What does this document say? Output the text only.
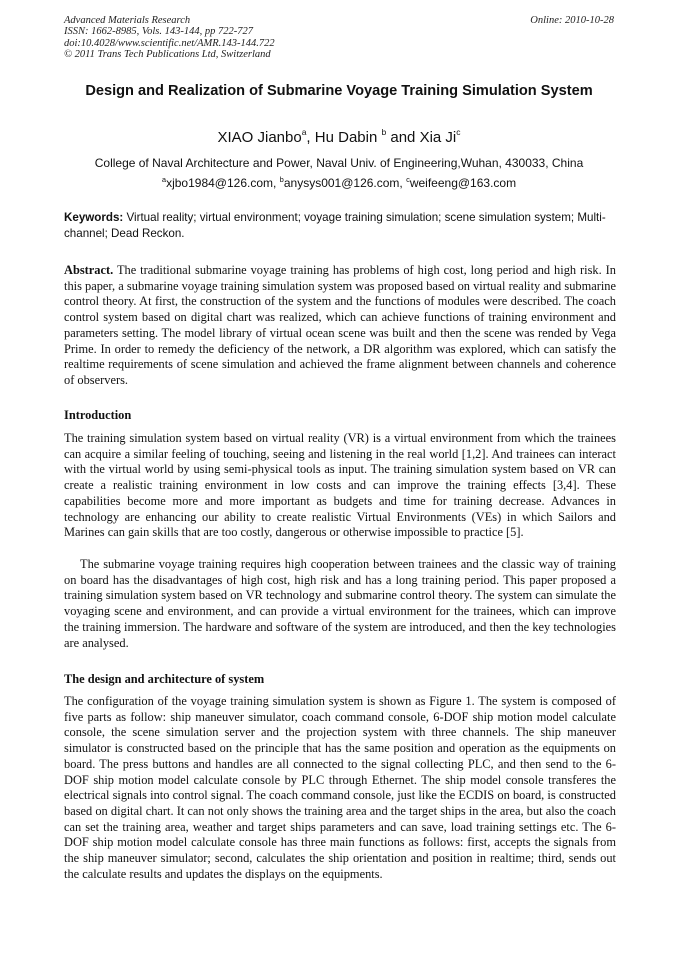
Advanced Materials Research
ISSN: 1662-8985, Vols. 143-144, pp 722-727
doi:10.4028/www.scientific.net/AMR.143-144.722
© 2011 Trans Tech Publications Ltd, Switzerland
Online: 2010-10-28
Design and Realization of Submarine Voyage Training Simulation System
XIAO Jianbo$^a$, Hu Dabin $^b$ and Xia Ji$^c$
College of Naval Architecture and Power, Naval Univ. of Engineering,Wuhan, 430033, China
$^a$xjbo1984@126.com, $^b$anysys001@126.com, $^c$weifeeng@163.com
Keywords: Virtual reality; virtual environment; voyage training simulation; scene simulation system; Multi-channel; Dead Reckon.
Abstract. The traditional submarine voyage training has problems of high cost, long period and high risk. In this paper, a submarine voyage training simulation system was proposed based on virtual reality and submarine control theory. At first, the construction of the system and the functions of modules were described. The coach control system based on digital chart was realized, which can achieve functions of training environment and parameters setting. The model library of virtual ocean scene was built and then the scene was rended by Vega Prime. In order to remedy the deficiency of the network, a DR algorithm was explored, which can satisfy the realtime requirements of scene simulation and achieved the frame alignment between channels and coherence of observers.
Introduction
The training simulation system based on virtual reality (VR) is a virtual environment from which the trainees can acquire a similar feeling of touching, seeing and listening in the real world [1,2]. And trainees can interact with the virtual world by using semi-physical tools as input. The training simulation system based on VR can create a realistic training environment in low costs and can improve the training effects [3,4]. These capabilities become more and more important as budgets and time for training decrease. Advances in technology are enhancing our ability to create realistic Virtual Environments (VEs) in which Sailors and Marines can gain skills that are too costly, dangerous or otherwise impossible to practice [5].
The submarine voyage training requires high cooperation between trainees and the classic way of training on board has the disadvantages of high cost, high risk and has a long training period. This paper proposed a training simulation system based on VR technology and submarine control theory. The system can simulate the voyaging scene and environment, and can provide a virtual environment for the trainees, which can improve the training immersion. The hardware and software of the system are introduced, and then the key technologies are analysed.
The design and architecture of system
The configuration of the voyage training simulation system is shown as Figure 1. The system is composed of five parts as follow: ship maneuver simulator, coach command console, 6-DOF ship motion model calculate console, the scene simulation server and the projection system with three channels. The ship maneuver simulator is constructed based on the principle that has the same position and operation as the equipments on board. The press buttons and handles are all connected to the signal collecting PLC, and then send to the 6-DOF ship motion model calculate console by PLC through Ethernet. The ship model console transferes the electrical signals into control signal. The coach command console, just like the ECDIS on board, is constructed based on digital chart. It can not only shows the training area and the target ships in the area, but also the coach can set the training area, weather and target ships parameters and can save, load training settings etc. The 6-DOF ship motion model calculate console has three main functions as follows: first, accepts the signals from the ship maneuver simulator; second, calculates the ship orientation and position in realtime; third, sends out the calculate results and updates the displays on the equipments.
